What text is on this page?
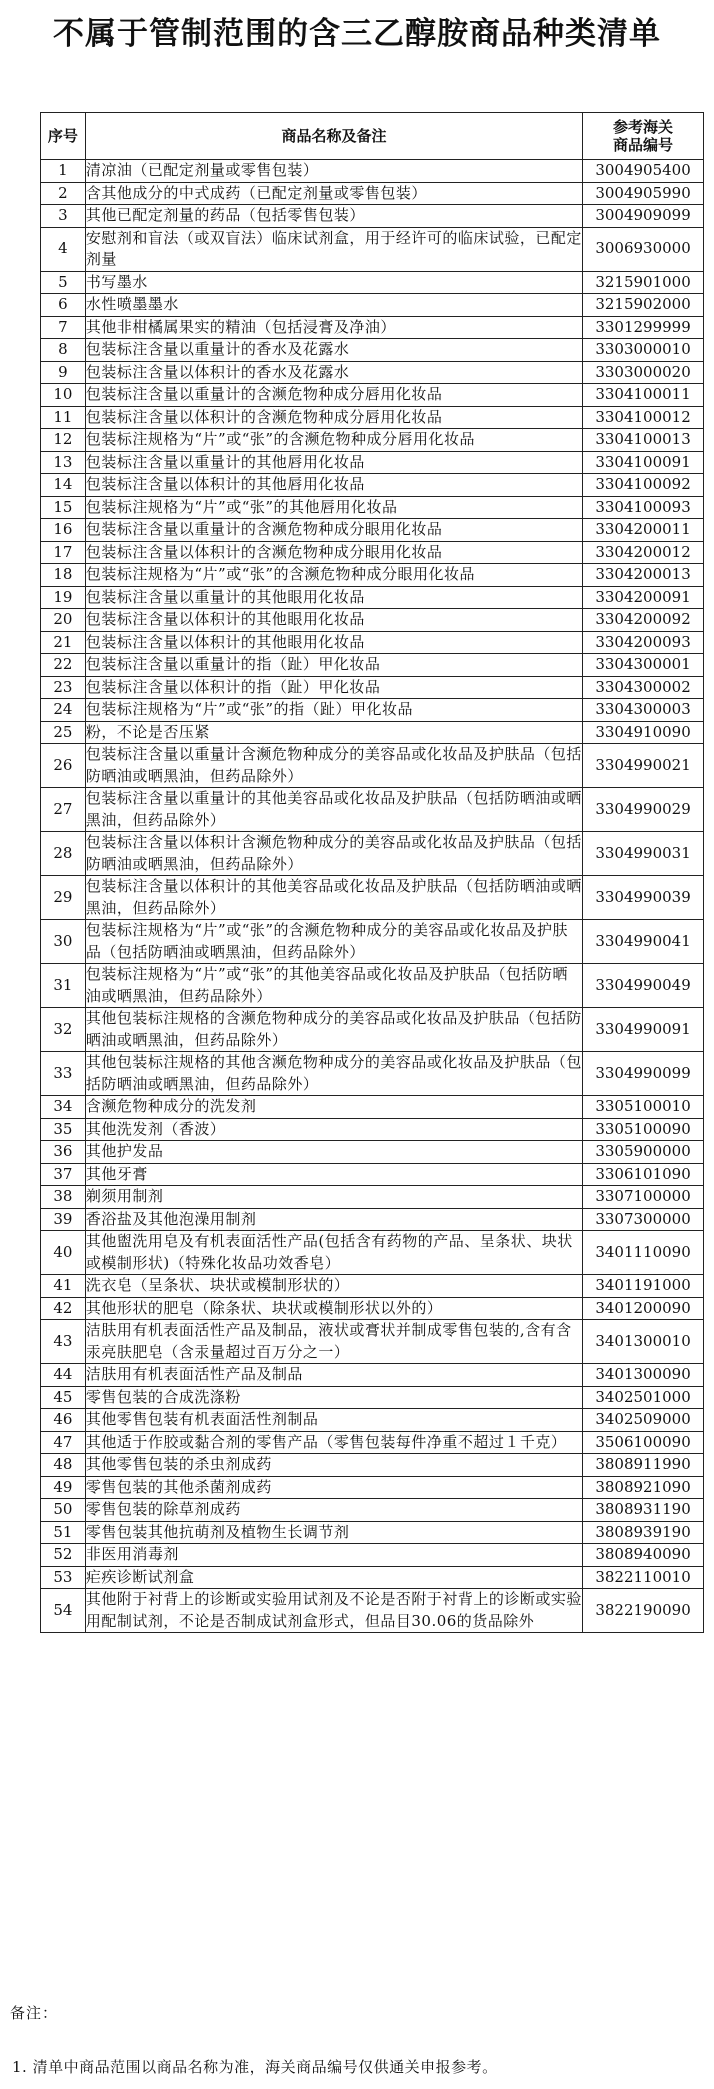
不属于管制范围的含三乙醇胺商品种类清单
序号	商品名称及备注	参考海关
商品编号

1	清凉油（已配定剂量或零售包装）	3004905400
2	含其他成分的中式成药（已配定剂量或零售包装）	3004905990
3	其他已配定剂量的药品（包括零售包装）	3004909099
4	安慰剂和盲法（或双盲法）临床试剂盒，用于经许可的临床试验，已配定剂量	3006930000
5	书写墨水	3215901000
6	水性喷墨墨水	3215902000
7	其他非柑橘属果实的精油（包括浸膏及净油）	3301299999
8	包装标注含量以重量计的香水及花露水	3303000010
9	包装标注含量以体积计的香水及花露水	3303000020
10	包装标注含量以重量计的含濒危物种成分唇用化妆品	3304100011
11	包装标注含量以体积计的含濒危物种成分唇用化妆品	3304100012
12	包装标注规格为“片”或“张”的含濒危物种成分唇用化妆品	3304100013
13	包装标注含量以重量计的其他唇用化妆品	3304100091
14	包装标注含量以体积计的其他唇用化妆品	3304100092
15	包装标注规格为“片”或“张”的其他唇用化妆品	3304100093
16	包装标注含量以重量计的含濒危物种成分眼用化妆品	3304200011
17	包装标注含量以体积计的含濒危物种成分眼用化妆品	3304200012
18	包装标注规格为“片”或“张”的含濒危物种成分眼用化妆品	3304200013
19	包装标注含量以重量计的其他眼用化妆品	3304200091
20	包装标注含量以体积计的其他眼用化妆品	3304200092
21	包装标注含量以体积计的其他眼用化妆品	3304200093
22	包装标注含量以重量计的指（趾）甲化妆品	3304300001
23	包装标注含量以体积计的指（趾）甲化妆品	3304300002
24	包装标注规格为“片”或“张”的指（趾）甲化妆品	3304300003
25	粉，不论是否压紧	3304910090
26	包装标注含量以重量计含濒危物种成分的美容品或化妆品及护肤品（包括防晒油或晒黑油，但药品除外）	3304990021
27	包装标注含量以重量计的其他美容品或化妆品及护肤品（包括防晒油或晒黑油，但药品除外）	3304990029
28	包装标注含量以体积计含濒危物种成分的美容品或化妆品及护肤品（包括防晒油或晒黑油，但药品除外）	3304990031
29	包装标注含量以体积计的其他美容品或化妆品及护肤品（包括防晒油或晒黑油，但药品除外）	3304990039
30	包装标注规格为“片”或“张”的含濒危物种成分的美容品或化妆品及护肤品（包括防晒油或晒黑油，但药品除外）	3304990041
31	包装标注规格为“片”或“张”的其他美容品或化妆品及护肤品（包括防晒油或晒黑油，但药品除外）	3304990049
32	其他包装标注规格的含濒危物种成分的美容品或化妆品及护肤品（包括防晒油或晒黑油，但药品除外）	3304990091
33	其他包装标注规格的其他含濒危物种成分的美容品或化妆品及护肤品（包括防晒油或晒黑油，但药品除外）	3304990099
34	含濒危物种成分的洗发剂	3305100010
35	其他洗发剂（香波）	3305100090
36	其他护发品	3305900000
37	其他牙膏	3306101090
38	剃须用制剂	3307100000
39	香浴盐及其他泡澡用制剂	3307300000
40	其他盥洗用皂及有机表面活性产品(包括含有药物的产品、呈条状、块状或模制形状)（特殊化妆品功效香皂）	3401110090
41	洗衣皂（呈条状、块状或模制形状的）	3401191000
42	其他形状的肥皂（除条状、块状或模制形状以外的）	3401200090
43	洁肤用有机表面活性产品及制品，液状或膏状并制成零售包装的,含有含汞亮肤肥皂（含汞量超过百万分之一）	3401300010
44	洁肤用有机表面活性产品及制品	3401300090
45	零售包装的合成洗涤粉	3402501000
46	其他零售包装有机表面活性剂制品	3402509000
47	其他适于作胶或黏合剂的零售产品（零售包装每件净重不超过１千克）	3506100090
48	其他零售包装的杀虫剂成药	3808911990
49	零售包装的其他杀菌剂成药	3808921090
50	零售包装的除草剂成药	3808931190
51	零售包装其他抗萌剂及植物生长调节剂	3808939190
52	非医用消毒剂	3808940090
53	疟疾诊断试剂盒	3822110010
54	其他附于衬背上的诊断或实验用试剂及不论是否附于衬背上的诊断或实验用配制试剂，不论是否制成试剂盒形式，但品目30.06的货品除外	3822190090
备注：
1. 清单中商品范围以商品名称为准，海关商品编号仅供通关申报参考。
